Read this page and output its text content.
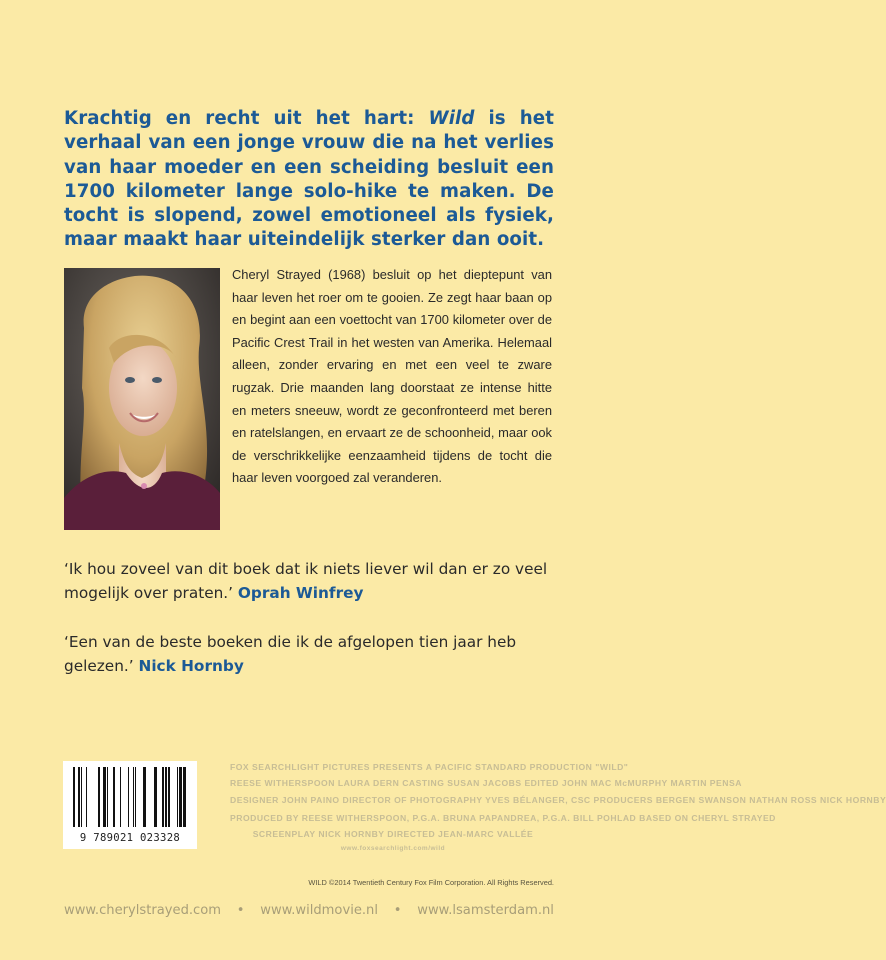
Krachtig en recht uit het hart: Wild is het verhaal van een jonge vrouw die na het verlies van haar moeder en een scheiding besluit een 1700 kilometer lange solo-hike te maken. De tocht is slopend, zowel emotioneel als fysiek, maar maakt haar uiteindelijk sterker dan ooit.

Cheryl Strayed (1968) besluit op het dieptepunt van haar leven het roer om te gooien. Ze zegt haar baan op en begint aan een voettocht van 1700 kilometer over de Pacific Crest Trail in het westen van Amerika. Helemaal alleen, zonder ervaring en met een veel te zware rugzak. Drie maanden lang doorstaat ze intense hitte en meters sneeuw, wordt ze geconfronteerd met beren en ratelslangen, en ervaart ze de schoonheid, maar ook de verschrikkelijke eenzaamheid tijdens de tocht die haar leven voorgoed zal veranderen.

‘Ik hou zoveel van dit boek dat ik niets liever wil dan er zo veel mogelijk over praten.’ Oprah Winfrey

‘Een van de beste boeken die ik de afgelopen tien jaar heb gelezen.’ Nick Hornby

9 789021 023328
FOX SEARCHLIGHT PICTURES PRESENTS A PACIFIC STANDARD PRODUCTION "WILD"
REESE WITHERSPOON LAURA DERN CASTING SUSAN JACOBS EDITED JOHN MAC McMURPHY MARTIN PENSA
DESIGNER JOHN PAINO DIRECTOR OF PHOTOGRAPHY YVES BÉLANGER, CSC PRODUCERS BERGEN SWANSON NATHAN ROSS NICK HORNBY
PRODUCED BY REESE WITHERSPOON, P.G.A. BRUNA PAPANDREA, P.G.A. BILL POHLAD BASED ON CHERYL STRAYED
SCREENPLAY NICK HORNBY DIRECTED JEAN-MARC VALLÉE
www.foxsearchlight.com/wild
WILD ©2014 Twentieth Century Fox Film Corporation. All Rights Reserved.
www.cherylstrayed.com • www.wildmovie.nl • www.lsamsterdam.nl
